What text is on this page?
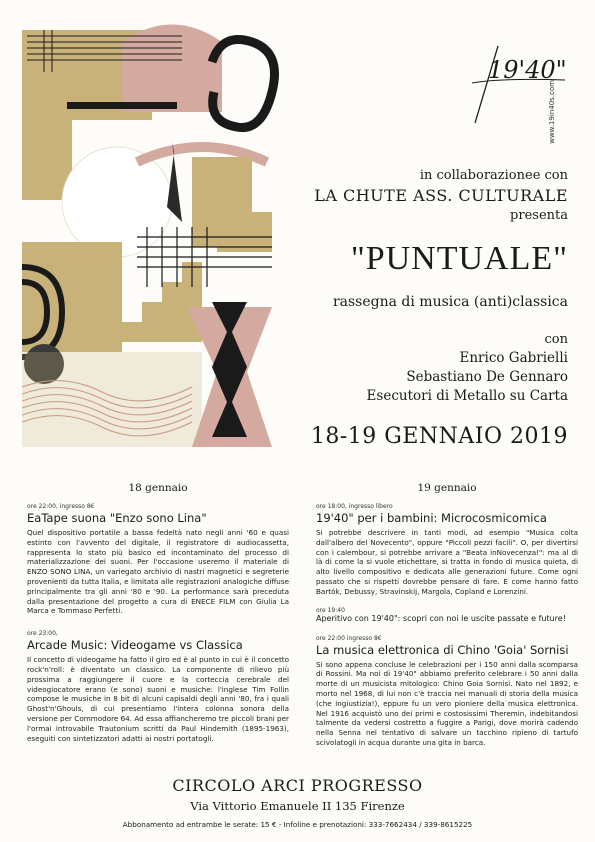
19'40"
www.19in40s.com
in collaborazionee con
LA CHUTE ASS. CULTURALE
presenta
"PUNTUALE"
rassegna di musica (anti)classica
con
Enrico Gabrielli
Sebastiano De Gennaro
Esecutori di Metallo su Carta
18-19 GENNAIO 2019
18 gennaio
ore 22:00, ingresso 8€
EaTape suona "Enzo sono Lina"
Quel dispositivo portatile a bassa fedeltà nato negli anni '60 e quasi estinto con l'avvento del digitale, il registratore di audiocassetta, rappresenta lo stato più basico ed incontaminato del processo di materializzazione dei suoni. Per l'occasione useremo il materiale di ENZO SONO LINA, un variegato archivio di nastri magnetici e segreterie provenienti da tutta Italia, e limitata alle registrazioni analogiche diffuse principalmente tra gli anni '80 e '90. La performance sarà preceduta dalla presentazione del progetto a cura di ENECE FILM con Giulia La Marca e Tommaso Perfetti.
ore 23:00,
Arcade Music: Videogame vs Classica
Il concetto di videogame ha fatto il giro ed è al punto in cui è il concetto rock'n'roll: è diventato un classico. La componente di rilievo più prossima a raggiungere il cuore e la corteccia cerebrale del videogiocatore erano (e sono) suoni e musiche: l'inglese Tim Follin compose le musiche in 8 bit di alcuni capisaldi degli anni '80, fra i quali Ghost'n'Ghouls, di cui presentiamo l'intera colonna sonora della versione per Commodore 64. Ad essa affiancheremo tre piccoli brani per l'ormai introvabile Trautonium scritti da Paul Hindemith (1895-1963), eseguiti con sintetizzatori adatti ai nostri portatogli.
19 gennaio
ore 18:00, ingresso libero
19'40" per i bambini: Microcosmicomica
Si potrebbe descrivere in tanti modi, ad esempio "Musica colta dall'albero del Novecento", oppure "Piccoli pezzi facili". O, per divertirsi con i calembour, si potrebbe arrivare a "Beata inNovecenza!": ma al di là di come la si vuole etichettare, si tratta in fondo di musica quieta, di alto livello compositivo e dedicata alle generazioni future. Come ogni passato che si rispetti dovrebbe pensare di fare. E come hanno fatto Bartók, Debussy, Stravinskij, Margola, Copland e Lorenzini.
ore 19:40
Aperitivo con 19'40": scopri con noi le uscite passate e future!
ore 22:00 ingresso 8€
La musica elettronica di Chino 'Goia' Sornisi
Si sono appena concluse le celebrazioni per i 150 anni dalla scomparsa di Rossini. Ma noi di 19'40" abbiamo preferito celebrare i 50 anni dalla morte di un musicista mitologico: Chino Goia Sornisi. Nato nel 1892, e morto nel 1968, di lui non c'è traccia nei manuali di storia della musica (che ingiustizia!), eppure fu un vero pioniere della musica elettronica. Nel 1916 acquistò uno dei primi e costosissimi Theremin, indebitandosi talmente da vedersi costretto a fuggire a Parigi, dove morirà cadendo nella Senna nel tentativo di salvare un tacchino ripieno di tartufo scivolatogli in acqua durante una gita in barca.
CIRCOLO ARCI PROGRESSO
Via Vittorio Emanuele II 135 Firenze
Abbonamento ad entrambe le serate: 15 € - Infoline e prenotazioni: 333-7662434 / 339-8615225
